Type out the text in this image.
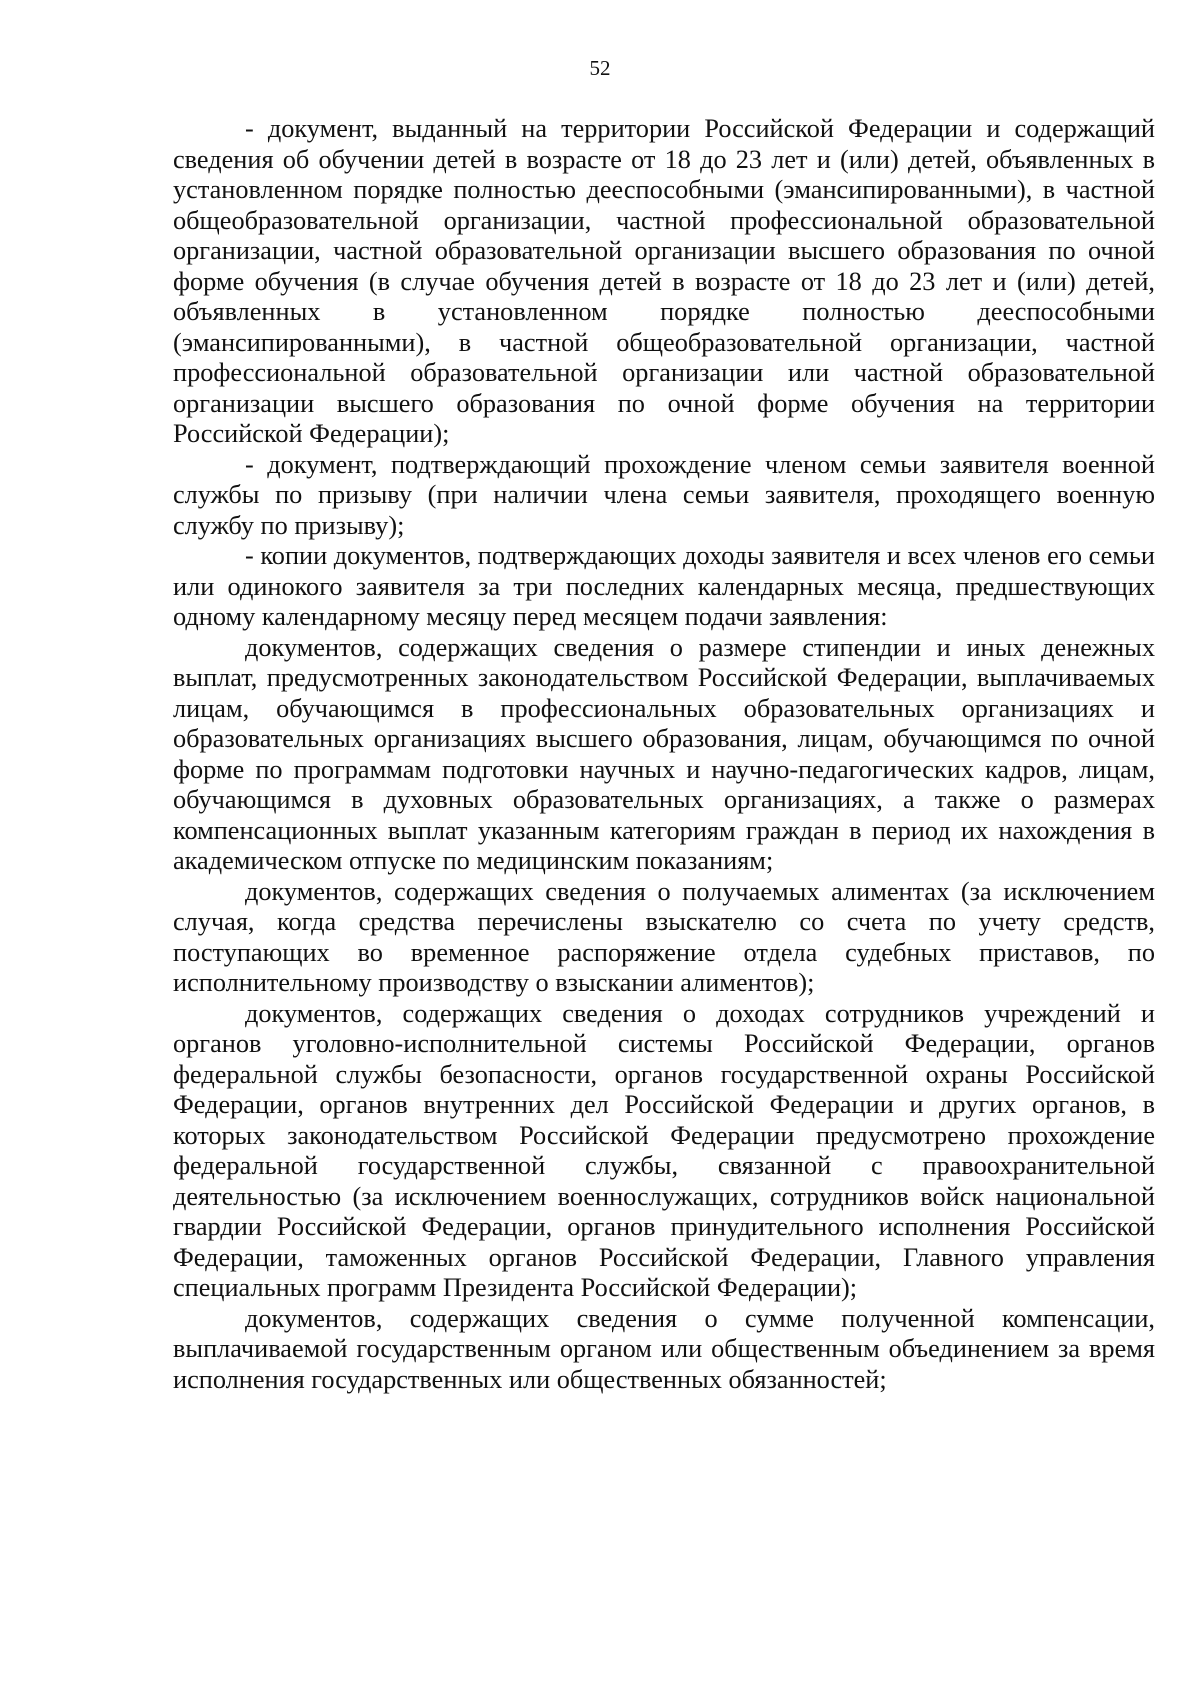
52

- документ, выданный на территории Российской Федерации и содержащий сведения об обучении детей в возрасте от 18 до 23 лет и (или) детей, объявленных в установленном порядке полностью дееспособными (эмансипированными), в частной общеобразовательной организации, частной профессиональной образовательной организации, частной образовательной организации высшего образования по очной форме обучения (в случае обучения детей в возрасте от 18 до 23 лет и (или) детей, объявленных в установленном порядке полностью дееспособными (эмансипированными), в частной общеобразовательной организации, частной профессиональной образовательной организации или частной образовательной организации высшего образования по очной форме обучения на территории Российской Федерации);

- документ, подтверждающий прохождение членом семьи заявителя военной службы по призыву (при наличии члена семьи заявителя, проходящего военную службу по призыву);

- копии документов, подтверждающих доходы заявителя и всех членов его семьи или одинокого заявителя за три последних календарных месяца, предшествующих одному календарному месяцу перед месяцем подачи заявления:

документов, содержащих сведения о размере стипендии и иных денежных выплат, предусмотренных законодательством Российской Федерации, выплачиваемых лицам, обучающимся в профессиональных образовательных организациях и образовательных организациях высшего образования, лицам, обучающимся по очной форме по программам подготовки научных и научно-педагогических кадров, лицам, обучающимся в духовных образовательных организациях, а также о размерах компенсационных выплат указанным категориям граждан в период их нахождения в академическом отпуске по медицинским показаниям;

документов, содержащих сведения о получаемых алиментах (за исключением случая, когда средства перечислены взыскателю со счета по учету средств, поступающих во временное распоряжение отдела судебных приставов, по исполнительному производству о взыскании алиментов);

документов, содержащих сведения о доходах сотрудников учреждений и органов уголовно-исполнительной системы Российской Федерации, органов федеральной службы безопасности, органов государственной охраны Российской Федерации, органов внутренних дел Российской Федерации и других органов, в которых законодательством Российской Федерации предусмотрено прохождение федеральной государственной службы, связанной с правоохранительной деятельностью (за исключением военнослужащих, сотрудников войск национальной гвардии Российской Федерации, органов принудительного исполнения Российской Федерации, таможенных органов Российской Федерации, Главного управления специальных программ Президента Российской Федерации);

документов, содержащих сведения о сумме полученной компенсации, выплачиваемой государственным органом или общественным объединением за время исполнения государственных или общественных обязанностей;
